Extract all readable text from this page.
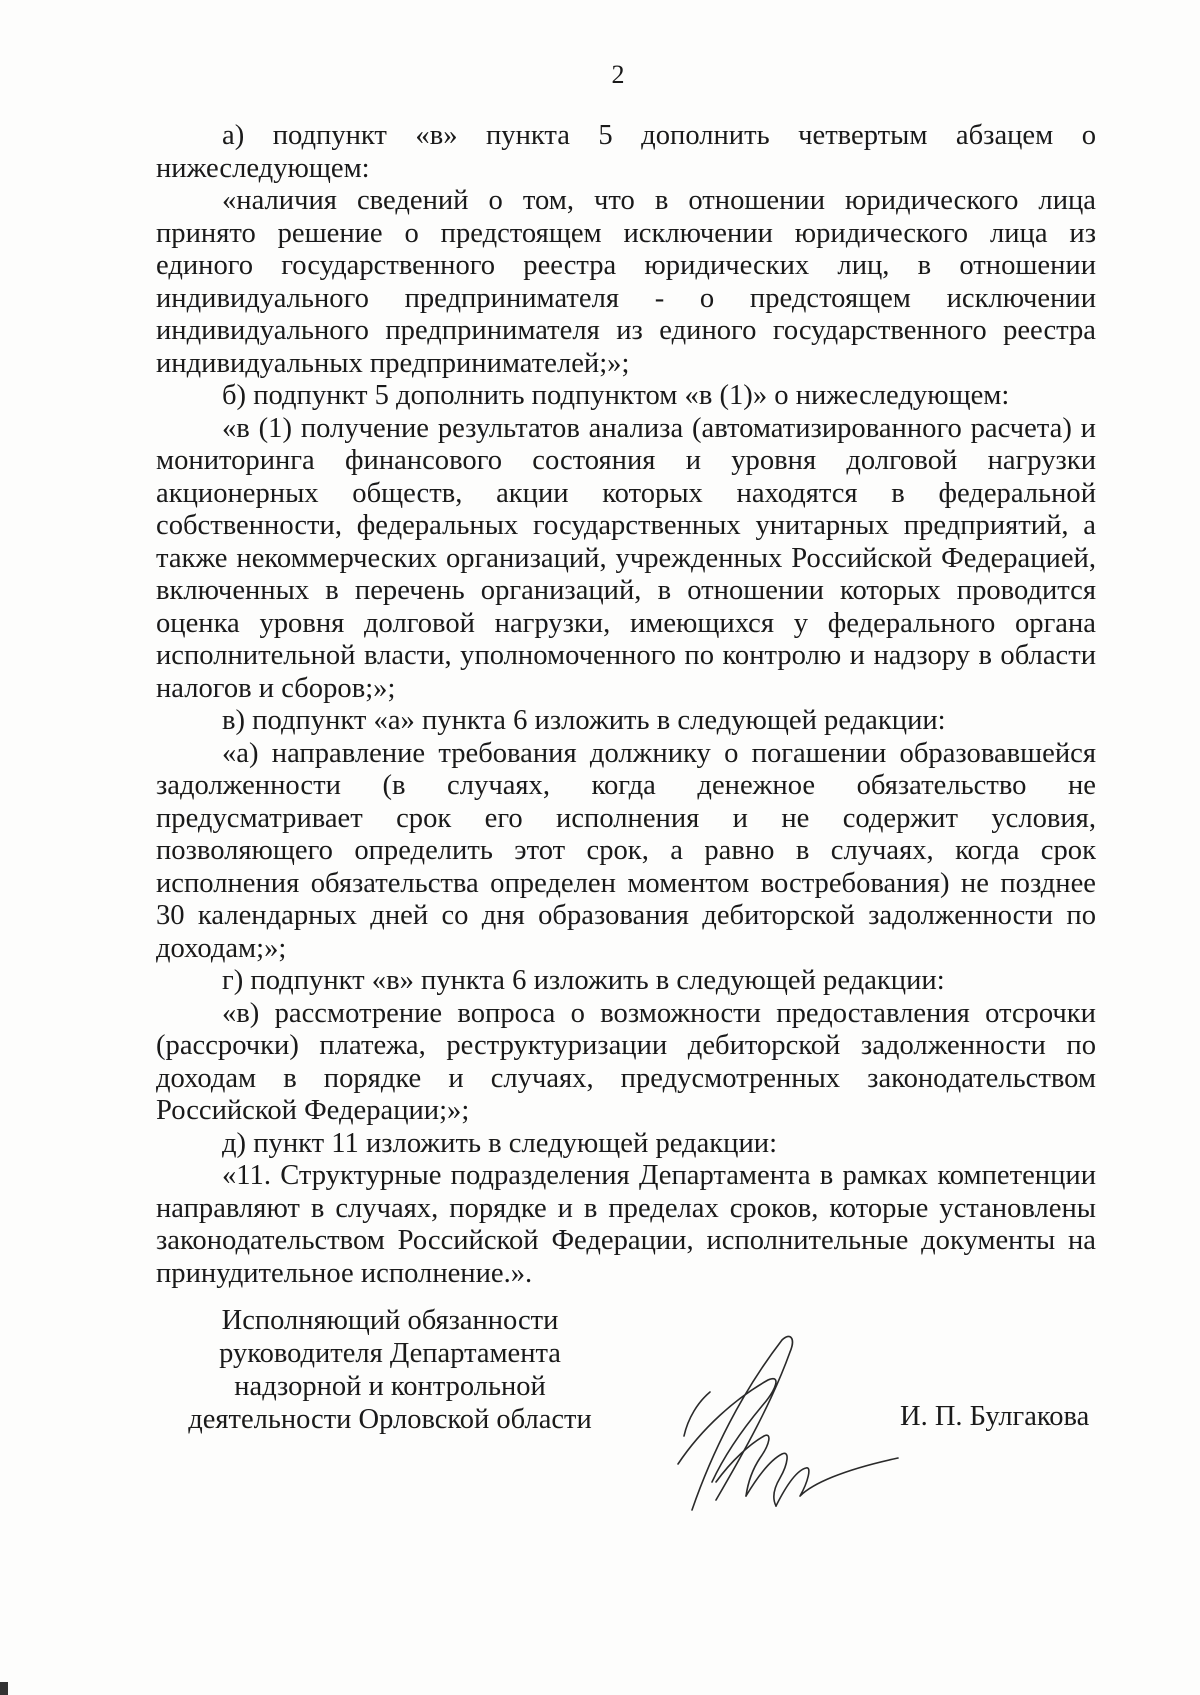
2

а) подпункт «в» пункта 5 дополнить четвертым абзацем о нижеследующем:

«наличия сведений о том, что в отношении юридического лица принято решение о предстоящем исключении юридического лица из единого государственного реестра юридических лиц, в отношении индивидуального предпринимателя - о предстоящем исключении индивидуального предпринимателя из единого государственного реестра индивидуальных предпринимателей;»;

б) подпункт 5 дополнить подпунктом «в (1)» о нижеследующем:

«в (1) получение результатов анализа (автоматизированного расчета) и мониторинга финансового состояния и уровня долговой нагрузки акционерных обществ, акции которых находятся в федеральной собственности, федеральных государственных унитарных предприятий, а также некоммерческих организаций, учрежденных Российской Федерацией, включенных в перечень организаций, в отношении которых проводится оценка уровня долговой нагрузки, имеющихся у федерального органа исполнительной власти, уполномоченного по контролю и надзору в области налогов и сборов;»;

в) подпункт «а» пункта 6 изложить в следующей редакции:

«а) направление требования должнику о погашении образовавшейся задолженности (в случаях, когда денежное обязательство не предусматривает срок его исполнения и не содержит условия, позволяющего определить этот срок, а равно в случаях, когда срок исполнения обязательства определен моментом востребования) не позднее 30 календарных дней со дня образования дебиторской задолженности по доходам;»;

г) подпункт «в» пункта 6 изложить в следующей редакции:

«в) рассмотрение вопроса о возможности предоставления отсрочки (рассрочки) платежа, реструктуризации дебиторской задолженности по доходам в порядке и случаях, предусмотренных законодательством Российской Федерации;»;

д) пункт 11 изложить в следующей редакции:

«11. Структурные подразделения Департамента в рамках компетенции направляют в случаях, порядке и в пределах сроков, которые установлены законодательством Российской Федерации, исполнительные документы на принудительное исполнение.».

Исполняющий обязанности
руководителя Департамента
надзорной и контрольной
деятельности Орловской области	И. П. Булгакова
